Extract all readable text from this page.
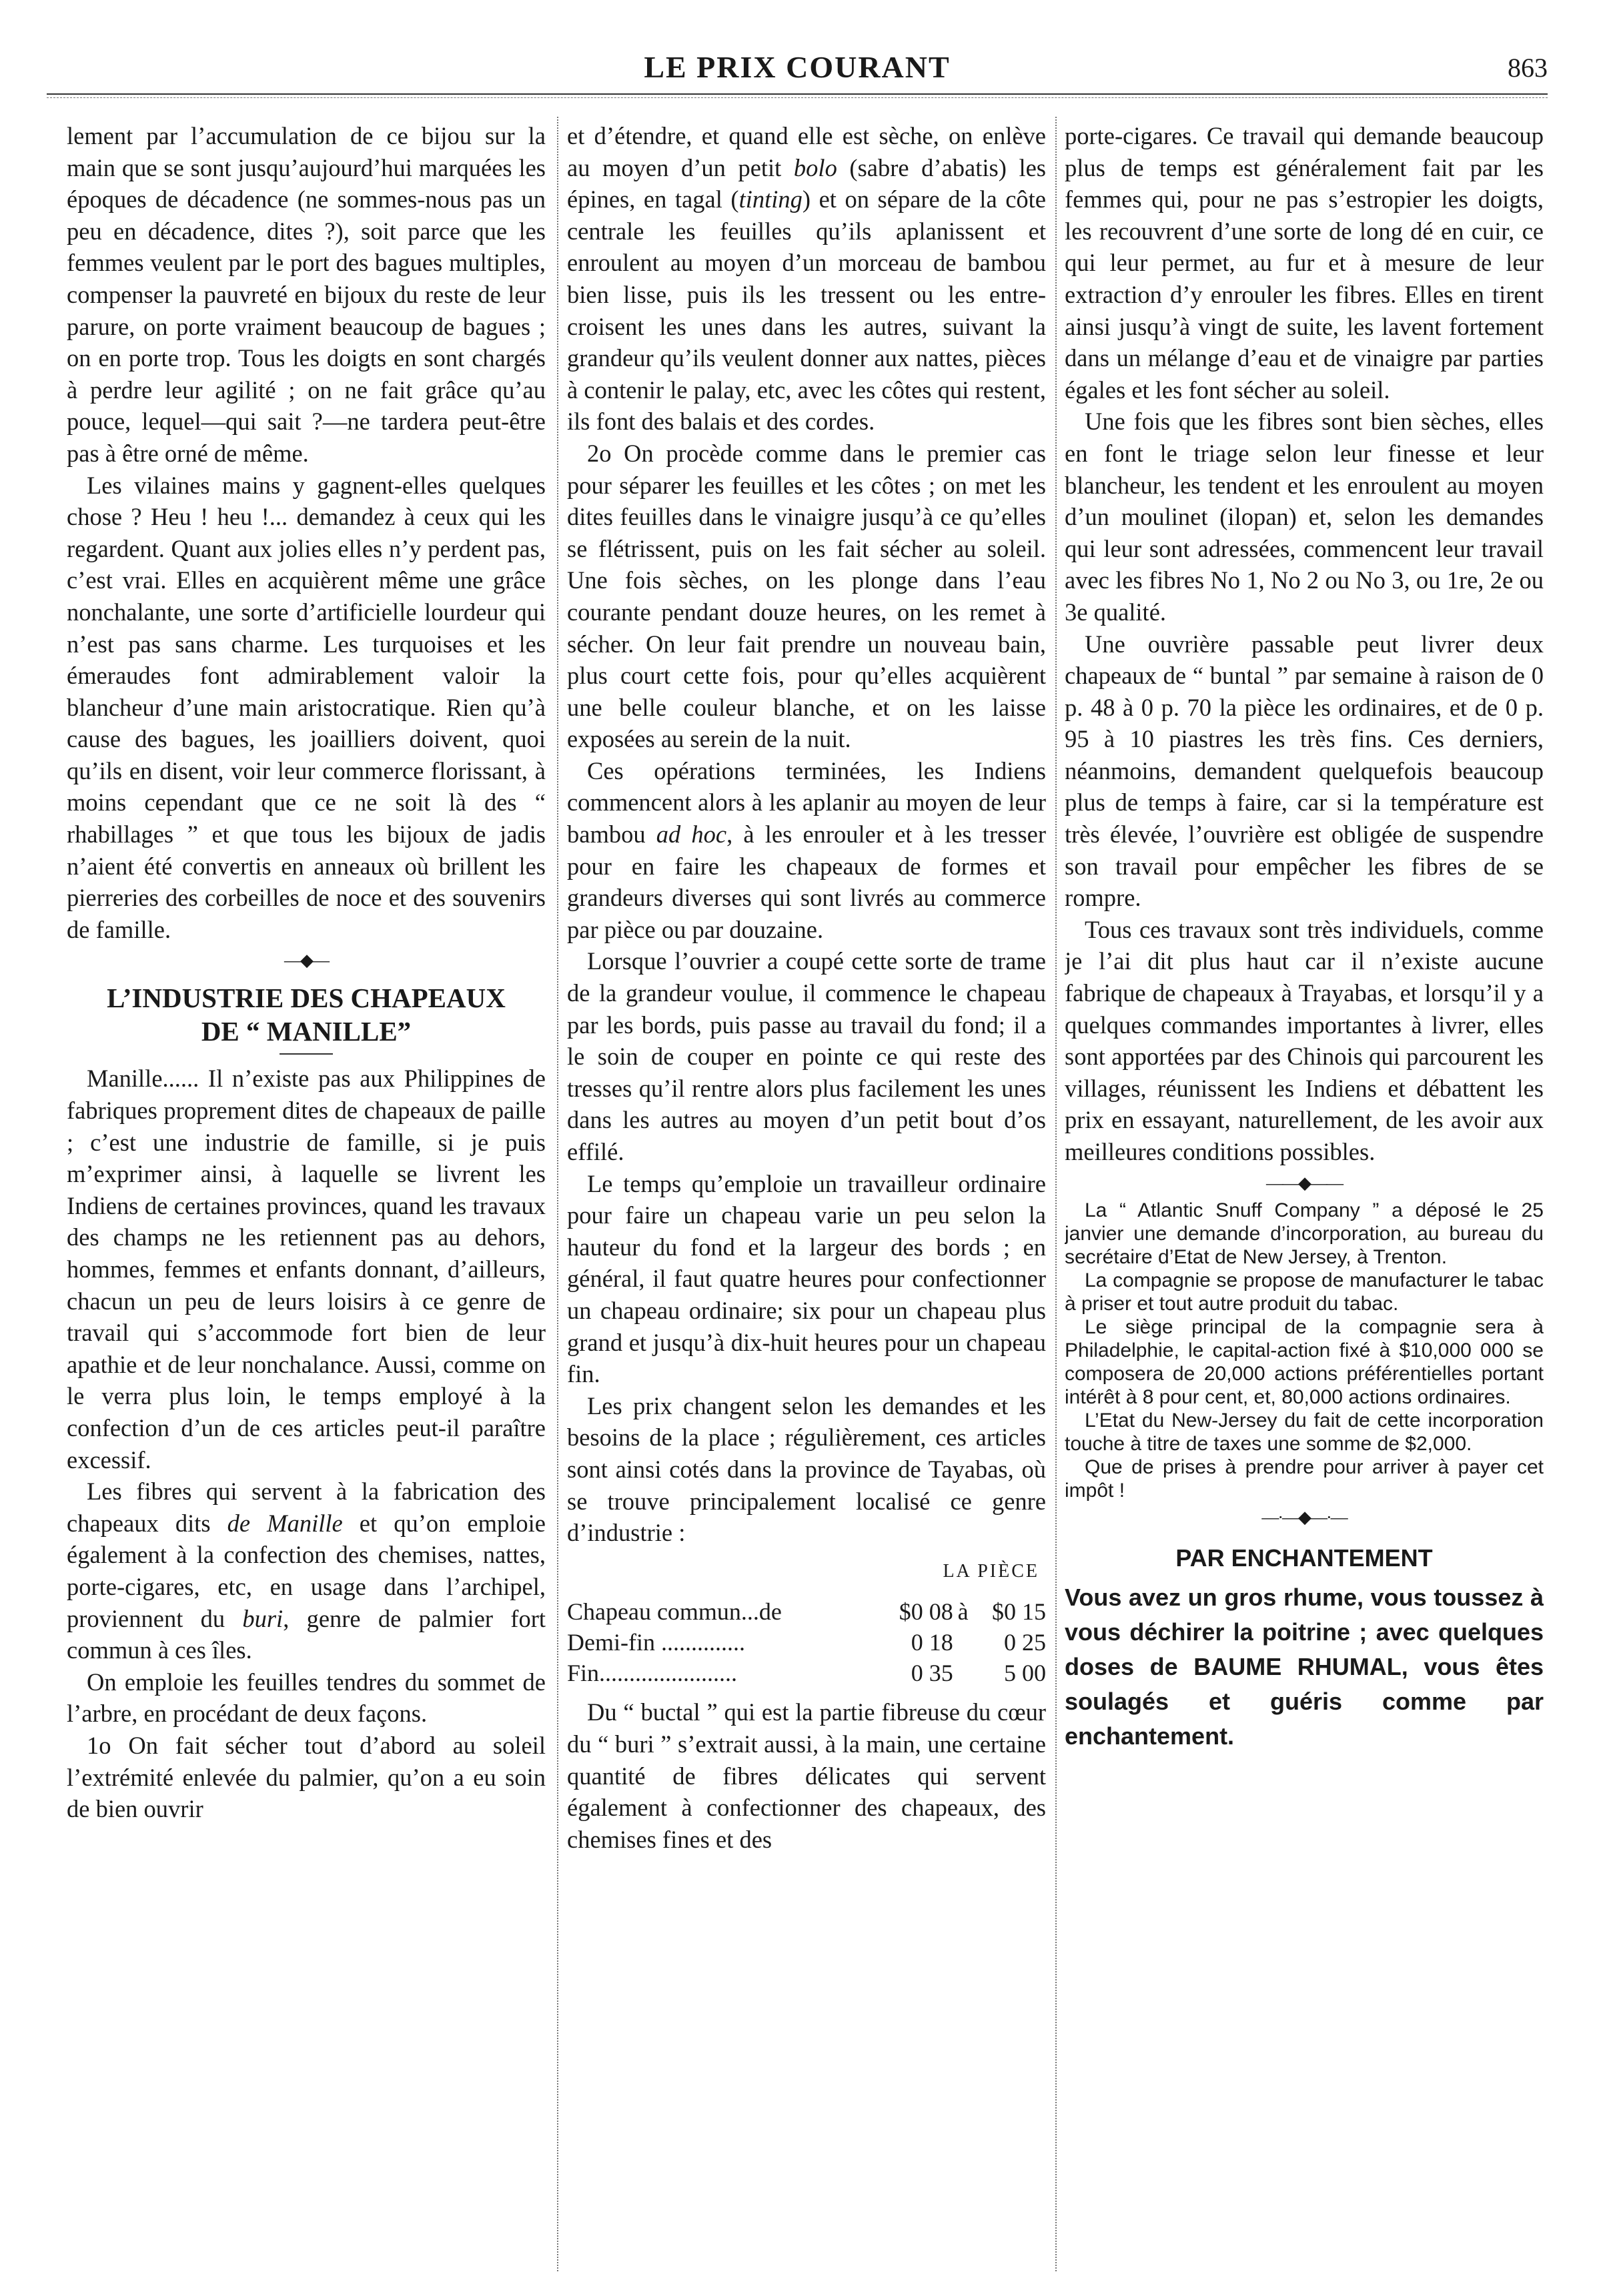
LE PRIX COURANT	863

lement par l’accumulation de ce bijou sur la main que se sont jusqu’aujourd’hui marquées les époques de décadence (ne sommes-nous pas un peu en décadence, dites ?), soit parce que les femmes veulent par le port des bagues multiples, compenser la pauvreté en bijoux du reste de leur parure, on porte vraiment beaucoup de bagues ; on en porte trop. Tous les doigts en sont chargés à perdre leur agilité ; on ne fait grâce qu’au pouce, lequel—qui sait ?—ne tardera peut-être pas à être orné de même.

Les vilaines mains y gagnent-elles quelques chose ? Heu ! heu !... demandez à ceux qui les regardent. Quant aux jolies elles n’y perdent pas, c’est vrai. Elles en acquièrent même une grâce nonchalante, une sorte d’artificielle lourdeur qui n’est pas sans charme. Les turquoises et les émeraudes font admirablement valoir la blancheur d’une main aristocratique. Rien qu’à cause des bagues, les joailliers doivent, quoi qu’ils en disent, voir leur commerce florissant, à moins cependant que ce ne soit là des “ rhabillages ” et que tous les bijoux de jadis n’aient été convertis en anneaux où brillent les pierreries des corbeilles de noce et des souvenirs de famille.

—◆—
L’INDUSTRIE DES CHAPEAUX
DE “ MANILLE”

Manille...... Il n’existe pas aux Philippines de fabriques proprement dites de chapeaux de paille ; c’est une industrie de famille, si je puis m’exprimer ainsi, à laquelle se livrent les Indiens de certaines provinces, quand les travaux des champs ne les retiennent pas au dehors, hommes, femmes et enfants donnant, d’ailleurs, chacun un peu de leurs loisirs à ce genre de travail qui s’accommode fort bien de leur apathie et de leur nonchalance. Aussi, comme on le verra plus loin, le temps employé à la confection d’un de ces articles peut-il paraître excessif.

Les fibres qui servent à la fabrication des chapeaux dits de Manille et qu’on emploie également à la confection des chemises, nattes, porte-cigares, etc, en usage dans l’archipel, proviennent du buri, genre de palmier fort commun à ces îles.

On emploie les feuilles tendres du sommet de l’arbre, en procédant de deux façons.

1o On fait sécher tout d’abord au soleil l’extrémité enlevée du palmier, qu’on a eu soin de bien ouvrir

et d’étendre, et quand elle est sèche, on enlève au moyen d’un petit bolo (sabre d’abatis) les épines, en tagal (tinting) et on sépare de la côte centrale les feuilles qu’ils aplanissent et enroulent au moyen d’un morceau de bambou bien lisse, puis ils les tressent ou les entre-croisent les unes dans les autres, suivant la grandeur qu’ils veulent donner aux nattes, pièces à contenir le palay, etc, avec les côtes qui restent, ils font des balais et des cordes.

2o On procède comme dans le premier cas pour séparer les feuilles et les côtes ; on met les dites feuilles dans le vinaigre jusqu’à ce qu’elles se flétrissent, puis on les fait sécher au soleil. Une fois sèches, on les plonge dans l’eau courante pendant douze heures, on les remet à sécher. On leur fait prendre un nouveau bain, plus court cette fois, pour qu’elles acquièrent une belle couleur blanche, et on les laisse exposées au serein de la nuit.

Ces opérations terminées, les Indiens commencent alors à les aplanir au moyen de leur bambou ad hoc, à les enrouler et à les tresser pour en faire les chapeaux de formes et grandeurs diverses qui sont livrés au commerce par pièce ou par douzaine.

Lorsque l’ouvrier a coupé cette sorte de trame de la grandeur voulue, il commence le chapeau par les bords, puis passe au travail du fond; il a le soin de couper en pointe ce qui reste des tresses qu’il rentre alors plus facilement les unes dans les autres au moyen d’un petit bout d’os effilé.

Le temps qu’emploie un travailleur ordinaire pour faire un chapeau varie un peu selon la hauteur du fond et la largeur des bords ; en général, il faut quatre heures pour confectionner un chapeau ordinaire; six pour un chapeau plus grand et jusqu’à dix-huit heures pour un chapeau fin.

Les prix changent selon les demandes et les besoins de la place ; régulièrement, ces articles sont ainsi cotés dans la province de Tayabas, où se trouve principalement localisé ce genre d’industrie :

LA PIÈCE
Chapeau commun...de	$0 08	à	$0 15
Demi-fin ..............	0 18		0 25
Fin.......................	0 35		5 00

Du “ buctal ” qui est la partie fibreuse du cœur du “ buri ” s’extrait aussi, à la main, une certaine quantité de fibres délicates qui servent également à confectionner des chapeaux, des chemises fines et des

porte-cigares. Ce travail qui demande beaucoup plus de temps est généralement fait par les femmes qui, pour ne pas s’estropier les doigts, les recouvrent d’une sorte de long dé en cuir, ce qui leur permet, au fur et à mesure de leur extraction d’y enrouler les fibres. Elles en tirent ainsi jusqu’à vingt de suite, les lavent fortement dans un mélange d’eau et de vinaigre par parties égales et les font sécher au soleil.

Une fois que les fibres sont bien sèches, elles en font le triage selon leur finesse et leur blancheur, les tendent et les enroulent au moyen d’un moulinet (ilopan) et, selon les demandes qui leur sont adressées, commencent leur travail avec les fibres No 1, No 2 ou No 3, ou 1re, 2e ou 3e qualité.

Une ouvrière passable peut livrer deux chapeaux de “ buntal ” par semaine à raison de 0 p. 48 à 0 p. 70 la pièce les ordinaires, et de 0 p. 95 à 10 piastres les très fins. Ces derniers, néanmoins, demandent quelquefois beaucoup plus de temps à faire, car si la température est très élevée, l’ouvrière est obligée de suspendre son travail pour empêcher les fibres de se rompre.

Tous ces travaux sont très individuels, comme je l’ai dit plus haut car il n’existe aucune fabrique de chapeaux à Trayabas, et lorsqu’il y a quelques commandes importantes à livrer, elles sont apportées par des Chinois qui parcourent les villages, réunissent les Indiens et débattent les prix en essayant, naturellement, de les avoir aux meilleures conditions possibles.

——◆——

La “ Atlantic Snuff Company ” a déposé le 25 janvier une demande d’incorporation, au bureau du secrétaire d’Etat de New Jersey, à Trenton.

La compagnie se propose de manufacturer le tabac à priser et tout autre produit du tabac.

Le siège principal de la compagnie sera à Philadelphie, le capital-action fixé à $10,000 000 se composera de 20,000 actions préférentielles portant intérêt à 8 pour cent, et, 80,000 actions ordinaires.

L’Etat du New-Jersey du fait de cette incorporation touche à titre de taxes une somme de $2,000.

Que de prises à prendre pour arriver à payer cet impôt !

—·—◆—·—
PAR ENCHANTEMENT
Vous avez un gros rhume, vous toussez à vous déchirer la poitrine ; avec quelques doses de BAUME RHUMAL, vous êtes soulagés et guéris comme par enchantement.
